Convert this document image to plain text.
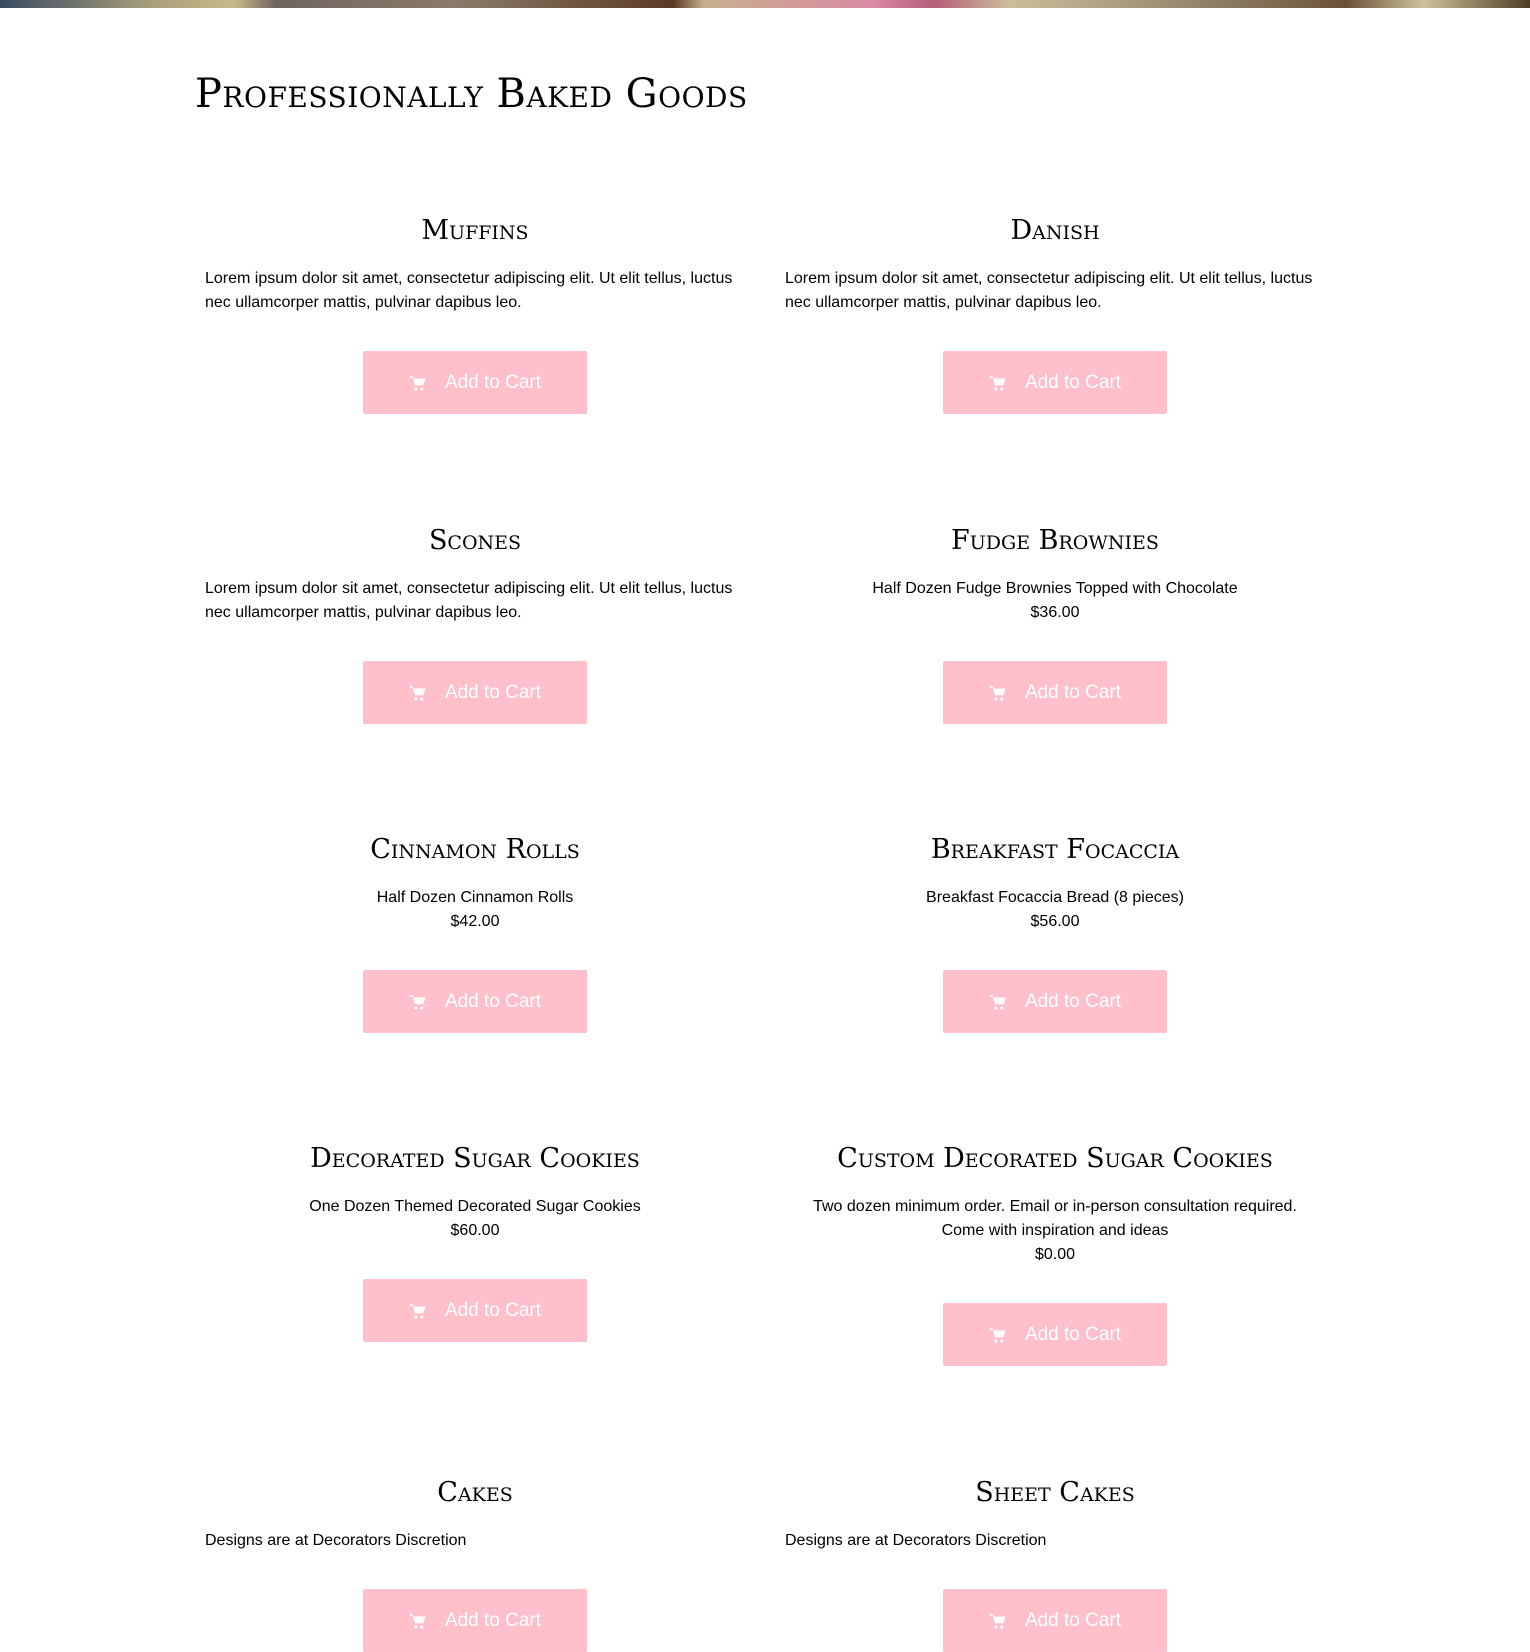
Professionally Baked Goods
Muffins

Lorem ipsum dolor sit amet, consectetur adipiscing elit. Ut elit tellus, luctus nec ullamcorper mattis, pulvinar dapibus leo.

Add to Cart
Danish

Lorem ipsum dolor sit amet, consectetur adipiscing elit. Ut elit tellus, luctus nec ullamcorper mattis, pulvinar dapibus leo.

Add to Cart
Scones

Lorem ipsum dolor sit amet, consectetur adipiscing elit. Ut elit tellus, luctus nec ullamcorper mattis, pulvinar dapibus leo.

Add to Cart
Fudge Brownies

Half Dozen Fudge Brownies Topped with Chocolate

$36.00

Add to Cart
Cinnamon Rolls

Half Dozen Cinnamon Rolls

$42.00

Add to Cart
Breakfast Focaccia

Breakfast Focaccia Bread (8 pieces)

$56.00

Add to Cart
Decorated Sugar Cookies

One Dozen Themed Decorated Sugar Cookies

$60.00

Add to Cart
Custom Decorated Sugar Cookies

Two dozen minimum order. Email or in-person consultation required. Come with inspiration and ideas

$0.00

Add to Cart
Cakes

Designs are at Decorators Discretion

Add to Cart
Sheet Cakes

Designs are at Decorators Discretion

Add to Cart
